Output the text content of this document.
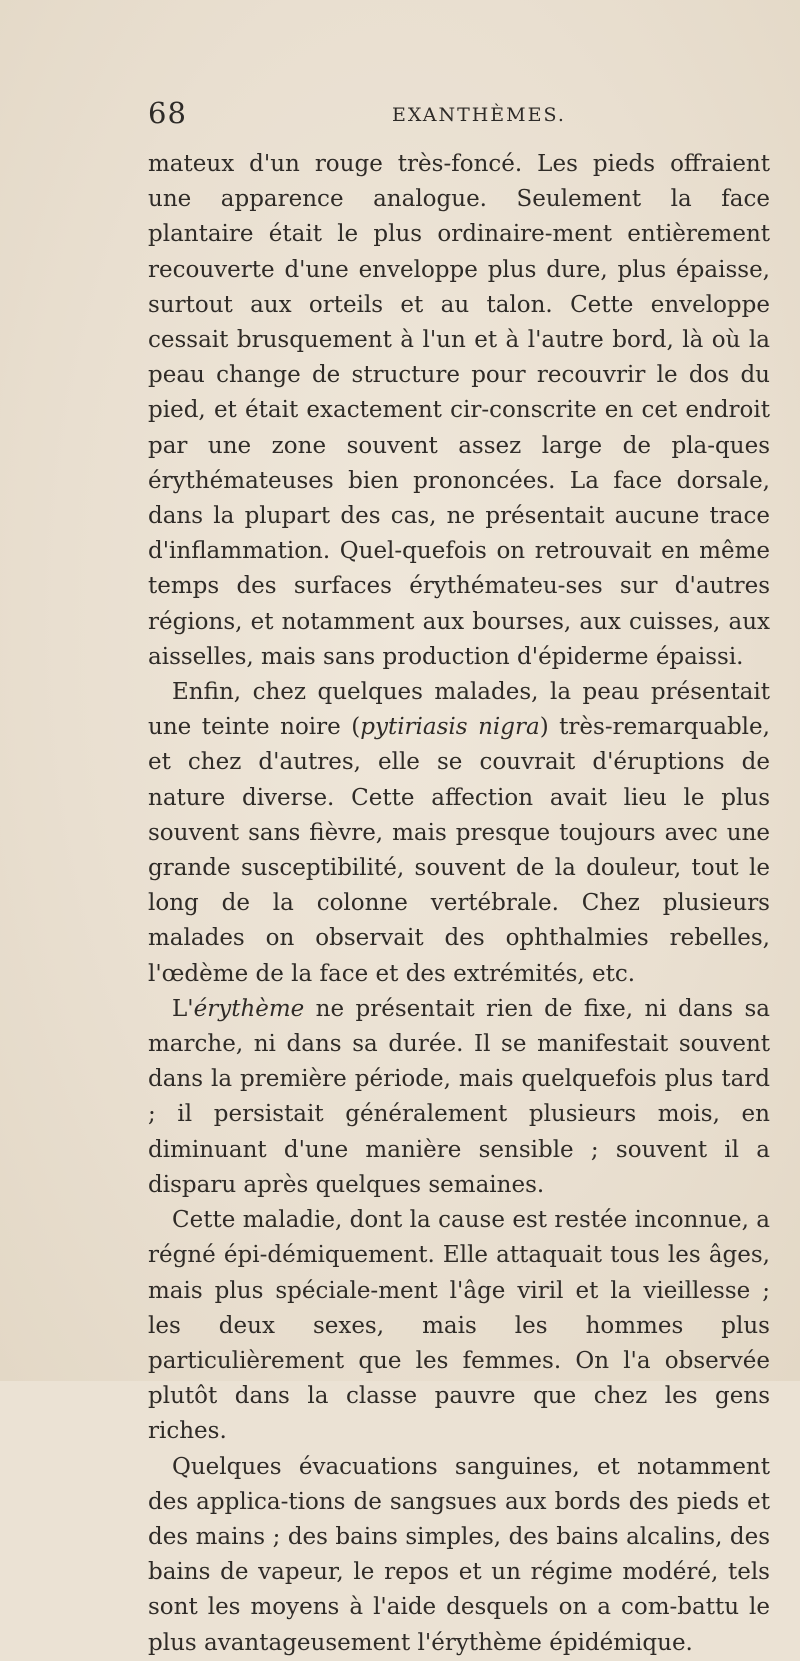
68	EXANTHÈMES.

mateux d'un rouge très-foncé. Les pieds offraient une apparence analogue. Seulement la face plantaire était le plus ordinaire-ment entièrement recouverte d'une enveloppe plus dure, plus épaisse, surtout aux orteils et au talon. Cette enveloppe cessait brusquement à l'un et à l'autre bord, là où la peau change de structure pour recouvrir le dos du pied, et était exactement cir-conscrite en cet endroit par une zone souvent assez large de pla-ques érythémateuses bien prononcées. La face dorsale, dans la plupart des cas, ne présentait aucune trace d'inflammation. Quel-quefois on retrouvait en même temps des surfaces érythémateu-ses sur d'autres régions, et notamment aux bourses, aux cuisses, aux aisselles, mais sans production d'épiderme épaissi.

Enfin, chez quelques malades, la peau présentait une teinte noire (pytiriasis nigra) très-remarquable, et chez d'autres, elle se couvrait d'éruptions de nature diverse. Cette affection avait lieu le plus souvent sans fièvre, mais presque toujours avec une grande susceptibilité, souvent de la douleur, tout le long de la colonne vertébrale. Chez plusieurs malades on observait des ophthalmies rebelles, l'œdème de la face et des extrémités, etc.

L'érythème ne présentait rien de fixe, ni dans sa marche, ni dans sa durée. Il se manifestait souvent dans la première période, mais quelquefois plus tard ; il persistait généralement plusieurs mois, en diminuant d'une manière sensible ; souvent il a disparu après quelques semaines.

Cette maladie, dont la cause est restée inconnue, a régné épi-démiquement. Elle attaquait tous les âges, mais plus spéciale-ment l'âge viril et la vieillesse ; les deux sexes, mais les hommes plus particulièrement que les femmes. On l'a observée plutôt dans la classe pauvre que chez les gens riches.

Quelques évacuations sanguines, et notamment des applica-tions de sangsues aux bords des pieds et des mains ; des bains simples, des bains alcalins, des bains de vapeur, le repos et un régime modéré, tels sont les moyens à l'aide desquels on a com-battu le plus avantageusement l'érythème épidémique.
